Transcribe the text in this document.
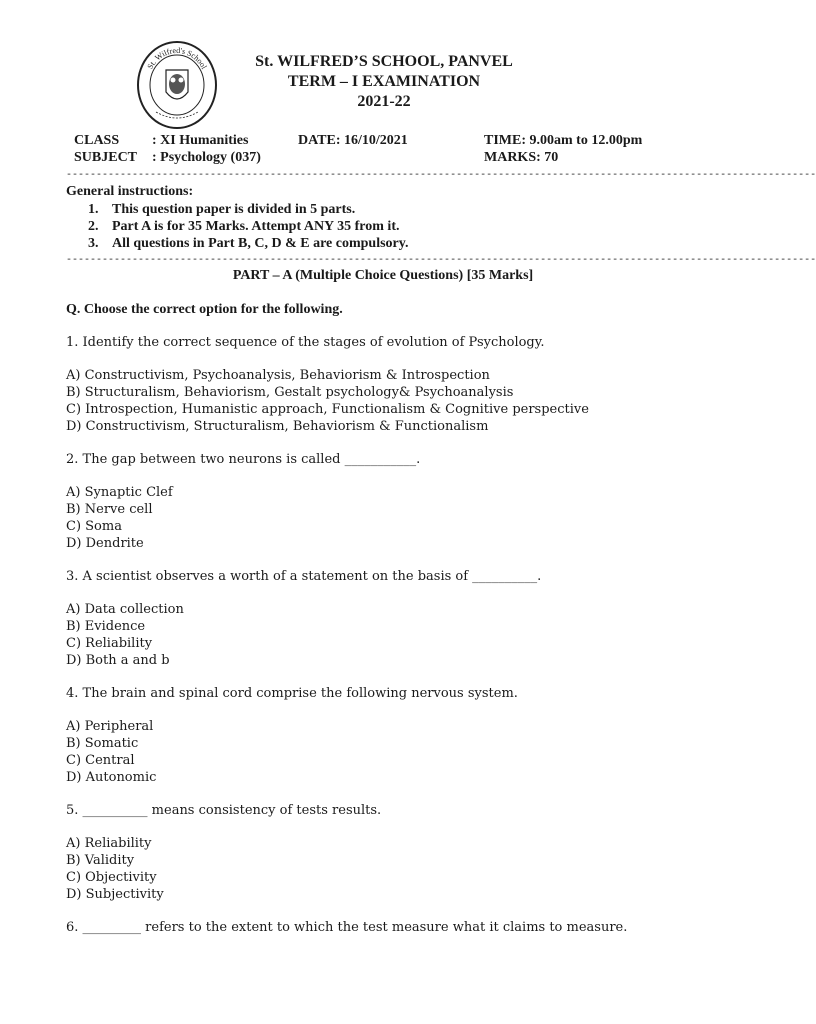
St. Wilfred's School	St. WILFRED’S SCHOOL, PANVEL
TERM – I EXAMINATION
2021-22
CLASS : XI Humanities	DATE: 16/10/2021	TIME: 9.00am to 12.00pm
SUBJECT : Psychology (037)	MARKS: 70
-----------------------------------------------------------------------------------------------------------------------------
General instructions:
1. This question paper is divided in 5 parts.
2. Part A is for 35 Marks. Attempt ANY 35 from it.
3. All questions in Part B, C, D & E are compulsory.
-----------------------------------------------------------------------------------------------------------------------------
PART – A (Multiple Choice Questions) [35 Marks]
Q. Choose the correct option for the following.
1. Identify the correct sequence of the stages of evolution of Psychology.
A) Constructivism, Psychoanalysis, Behaviorism & Introspection
B) Structuralism, Behaviorism, Gestalt psychology& Psychoanalysis
C) Introspection, Humanistic approach, Functionalism & Cognitive perspective
D) Constructivism, Structuralism, Behaviorism & Functionalism
2. The gap between two neurons is called ___________.
A) Synaptic Clef
B) Nerve cell
C) Soma
D) Dendrite
3. A scientist observes a worth of a statement on the basis of __________.
A) Data collection
B) Evidence
C) Reliability
D) Both a and b
4. The brain and spinal cord comprise the following nervous system.
A) Peripheral
B) Somatic
C) Central
D) Autonomic
5. __________ means consistency of tests results.
A) Reliability
B) Validity
C) Objectivity
D) Subjectivity
6. _________ refers to the extent to which the test measure what it claims to measure.
